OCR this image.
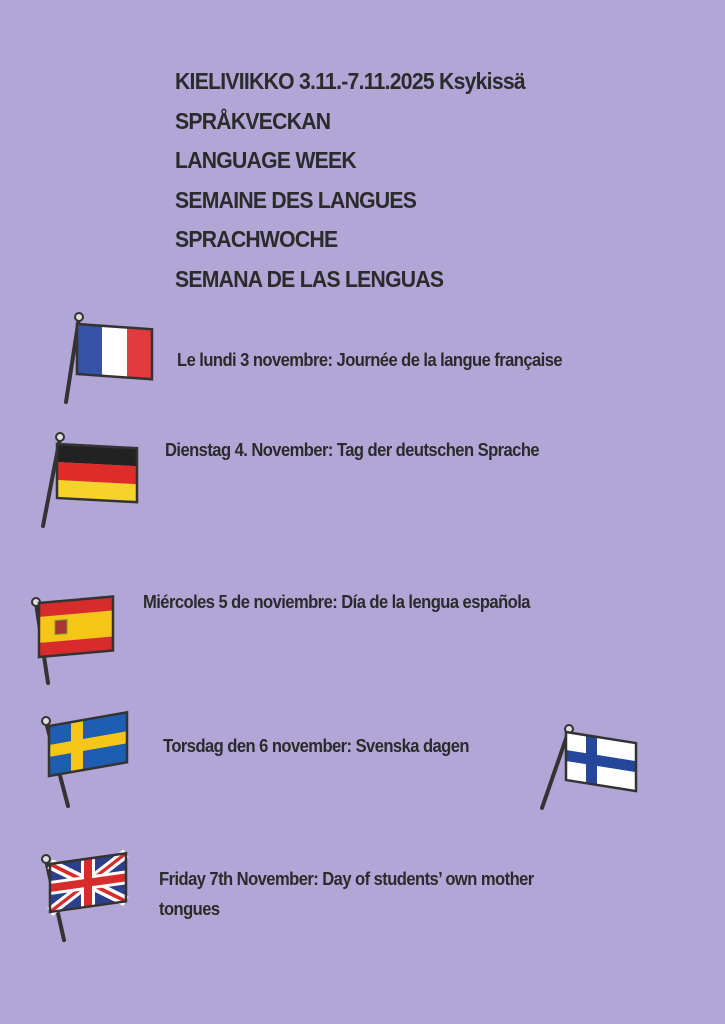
KIELIVIIKKO 3.11.-7.11.2025 Ksykissä
SPRÅKVECKAN
LANGUAGE WEEK
SEMAINE DES LANGUES
SPRACHWOCHE
SEMANA DE LAS LENGUAS
Le lundi 3 novembre: Journée de la langue française
Dienstag 4. November: Tag der deutschen Sprache
Miércoles 5 de noviembre: Día de la lengua española
Torsdag den 6 november: Svenska dagen
Friday 7th November: Day of students’ own mother tongues
